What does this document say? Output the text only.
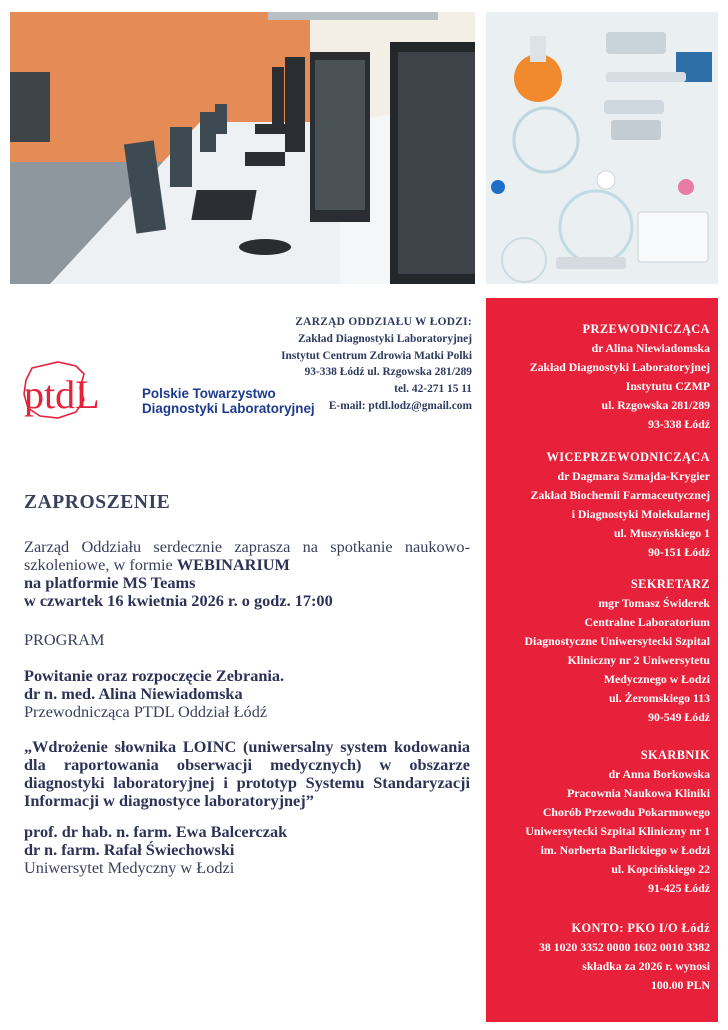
ZARZĄD ODDZIAŁU W ŁODZI:
Zakład Diagnostyki Laboratoryjnej
Instytut Centrum Zdrowia Matki Polki
93-338 Łódź ul. Rzgowska 281/289
tel. 42-271 15 11
E-mail: ptdl.lodz@gmail.com
ptdL	Polskie Towarzystwo
Diagnostyki Laboratoryjnej
ZAPROSZENIE
Zarząd Oddziału serdecznie zaprasza na spotkanie naukowo-szkoleniowe, w formie WEBINARIUM
na platformie MS Teams
w czwartek 16 kwietnia 2026 r. o godz. 17:00
PROGRAM
Powitanie oraz rozpoczęcie Zebrania.
dr n. med. Alina Niewiadomska
Przewodnicząca PTDL Oddział Łódź
„Wdrożenie słownika LOINC (uniwersalny system kodowania dla raportowania obserwacji medycznych) w obszarze diagnostyki laboratoryjnej i prototyp Systemu Standaryzacji Informacji w diagnostyce laboratoryjnej”
prof. dr hab. n. farm. Ewa Balcerczak
dr n. farm. Rafał Świechowski
Uniwersytet Medyczny w Łodzi
PRZEWODNICZĄCA
dr Alina Niewiadomska
Zakład Diagnostyki Laboratoryjnej
Instytutu CZMP
ul. Rzgowska 281/289
93-338 Łódź
WICEPRZEWODNICZĄCA
dr Dagmara Szmajda-Krygier
Zakład Biochemii Farmaceutycznej
i Diagnostyki Molekularnej
ul. Muszyńskiego 1
90-151 Łódź
SEKRETARZ
mgr Tomasz Świderek
Centralne Laboratorium
Diagnostyczne Uniwersytecki Szpital
Kliniczny nr 2 Uniwersytetu
Medycznego w Łodzi
ul. Żeromskiego 113
90-549 Łódź
SKARBNIK
dr Anna Borkowska
Pracownia Naukowa Kliniki
Chorób Przewodu Pokarmowego
Uniwersytecki Szpital Kliniczny nr 1
im. Norberta Barlickiego w Łodzi
ul. Kopcińskiego 22
91-425 Łódź
KONTO: PKO I/O Łódź
38 1020 3352 0000 1602 0010 3382
składka za 2026 r. wynosi
100.00 PLN
